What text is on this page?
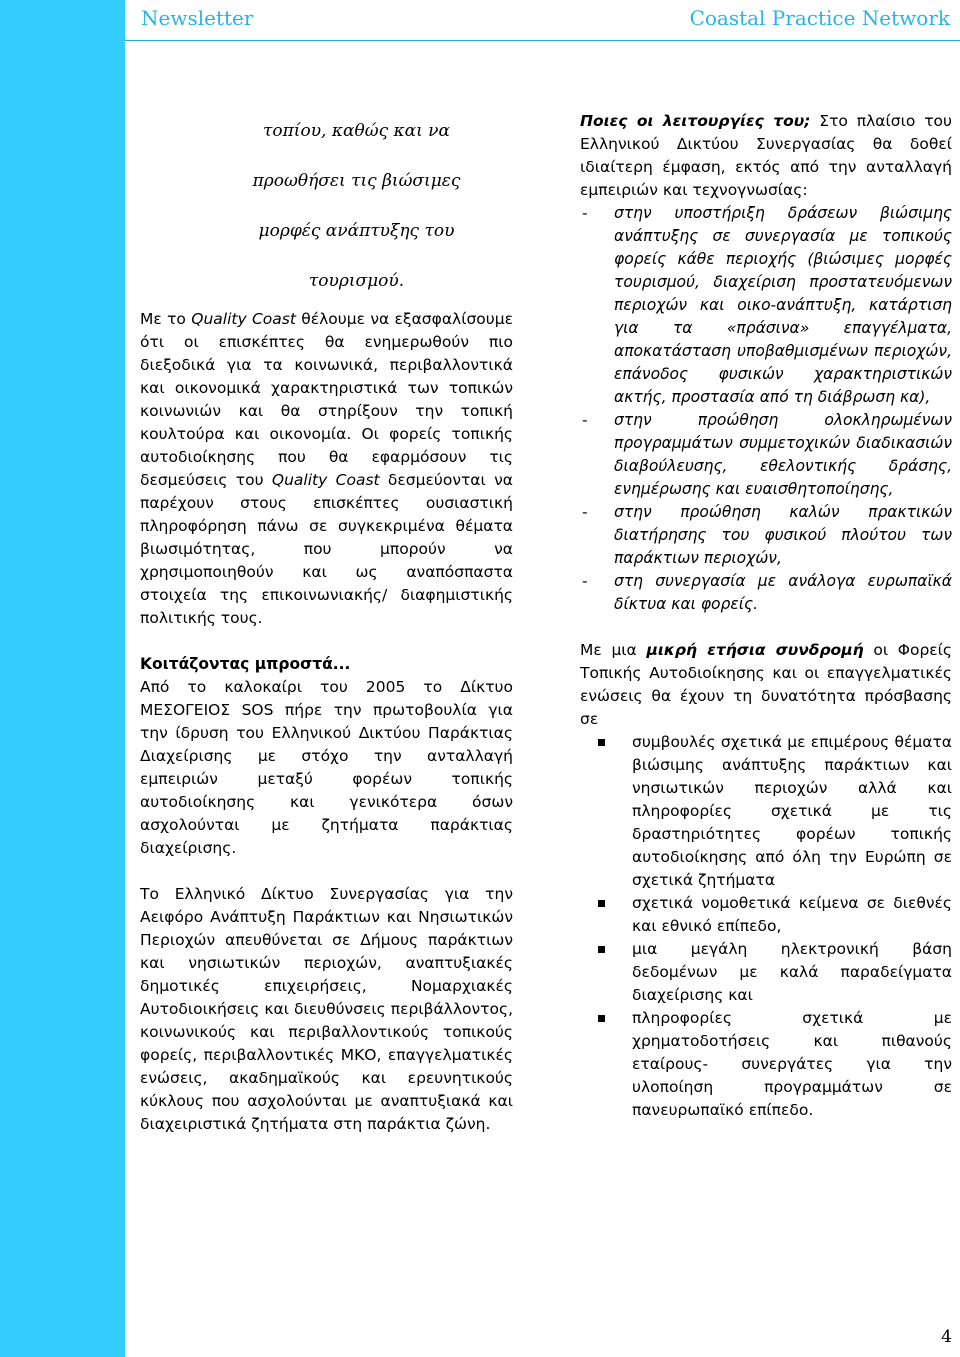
Newsletter	Coastal Practice Network

τοπίου, καθώς και να

προωθήσει τις βιώσιμες

μορφές ανάπτυξης του

τουρισμού.

Με το Quality Coast θέλουμε να εξασφαλίσουμε ότι οι επισκέπτες θα ενημερωθούν πιο διεξοδικά για τα κοινωνικά, περιβαλλοντικά και οικονομικά χαρακτηριστικά των τοπικών κοινωνιών και θα στηρίξουν την τοπική κουλτούρα και οικονομία. Οι φορείς τοπικής αυτοδιοίκησης που θα εφαρμόσουν τις δεσμεύσεις του Quality Coast δεσμεύονται να παρέχουν στους επισκέπτες ουσιαστική πληροφόρηση πάνω σε συγκεκριμένα θέματα βιωσιμότητας, που μπορούν να χρησιμοποιηθούν και ως αναπόσπαστα στοιχεία της επικοινωνιακής/ διαφημιστικής πολιτικής τους.

Κοιτάζοντας μπροστά...

Από το καλοκαίρι του 2005 το Δίκτυο ΜΕΣΟΓΕΙΟΣ SOS πήρε την πρωτοβουλία για την ίδρυση του Ελληνικού Δικτύου Παράκτιας Διαχείρισης με στόχο την ανταλλαγή εμπειριών μεταξύ φορέων τοπικής αυτοδιοίκησης και γενικότερα όσων ασχολούνται με ζητήματα παράκτιας διαχείρισης.

Το Ελληνικό Δίκτυο Συνεργασίας για την Αειφόρο Ανάπτυξη Παράκτιων και Νησιωτικών Περιοχών απευθύνεται σε Δήμους παράκτιων και νησιωτικών περιοχών, αναπτυξιακές δημοτικές επιχειρήσεις, Νομαρχιακές Αυτοδιοικήσεις και διευθύνσεις περιβάλλοντος, κοινωνικούς και περιβαλλοντικούς τοπικούς φορείς, περιβαλλοντικές ΜΚΟ, επαγγελματικές ενώσεις, ακαδημαϊκούς και ερευνητικούς κύκλους που ασχολούνται με αναπτυξιακά και διαχειριστικά ζητήματα στη παράκτια ζώνη.

Ποιες οι λειτουργίες του; Στο πλαίσιο του Ελληνικού Δικτύου Συνεργασίας θα δοθεί ιδιαίτερη έμφαση, εκτός από την ανταλλαγή εμπειριών και τεχνογνωσίας:

- στην υποστήριξη δράσεων βιώσιμης ανάπτυξης σε συνεργασία με τοπικούς φορείς κάθε περιοχής (βιώσιμες μορφές τουρισμού, διαχείριση προστατευόμενων περιοχών και οικο-ανάπτυξη, κατάρτιση για τα «πράσινα» επαγγέλματα, αποκατάσταση υποβαθμισμένων περιοχών, επάνοδος φυσικών χαρακτηριστικών ακτής, προστασία από τη διάβρωση κα),
- στην προώθηση ολοκληρωμένων προγραμμάτων συμμετοχικών διαδικασιών διαβούλευσης, εθελοντικής δράσης, ενημέρωσης και ευαισθητοποίησης,
- στην προώθηση καλών πρακτικών διατήρησης του φυσικού πλούτου των παράκτιων περιοχών,
- στη συνεργασία με ανάλογα ευρωπαϊκά δίκτυα και φορείς.

Με μια μικρή ετήσια συνδρομή οι Φορείς Τοπικής Αυτοδιοίκησης και οι επαγγελματικές ενώσεις θα έχουν τη δυνατότητα πρόσβασης σε

συμβουλές σχετικά με επιμέρους θέματα βιώσιμης ανάπτυξης παράκτιων και νησιωτικών περιοχών αλλά και πληροφορίες σχετικά με τις δραστηριότητες φορέων τοπικής αυτοδιοίκησης από όλη την Ευρώπη σε σχετικά ζητήματα
σχετικά νομοθετικά κείμενα σε διεθνές και εθνικό επίπεδο,
μια μεγάλη ηλεκτρονική βάση δεδομένων με καλά παραδείγματα διαχείρισης και
πληροφορίες σχετικά με χρηματοδοτήσεις και πιθανούς εταίρους- συνεργάτες για την υλοποίηση προγραμμάτων σε πανευρωπαϊκό επίπεδο.
4
